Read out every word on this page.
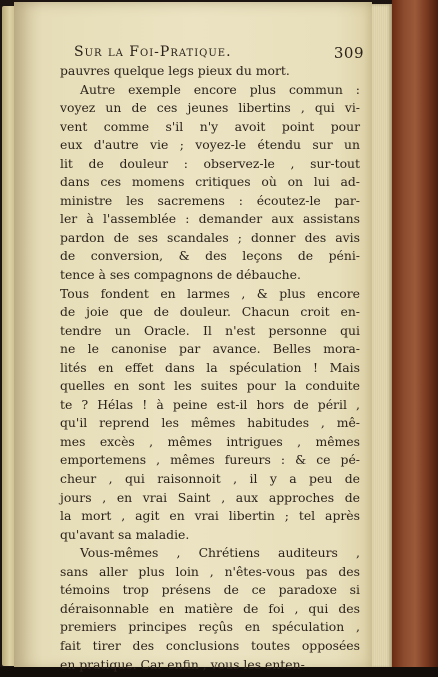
Sur la Foi-Pratique.	309
pauvres quelque legs pieux du mort.
Autre exemple encore plus commun :
voyez un de ces jeunes libertins , qui vi-
vent comme s'il n'y avoit point pour
eux d'autre vie ; voyez-le étendu sur un
lit de douleur : observez-le , sur-tout
dans ces momens critiques où on lui ad-
ministre les sacremens : écoutez-le par-
ler à l'assemblée : demander aux assistans
pardon de ses scandales ; donner des avis
de conversion, & des leçons de péni-
tence à ses compagnons de débauche.
Tous fondent en larmes , & plus encore
de joie que de douleur. Chacun croit en-
tendre un Oracle. Il n'est personne qui
ne le canonise par avance. Belles mora-
lités en effet dans la spéculation ! Mais
quelles en sont les suites pour la conduite
te ? Hélas ! à peine est-il hors de péril ,
qu'il reprend les mêmes habitudes , mê-
mes excès , mêmes intrigues , mêmes
emportemens , mêmes fureurs : & ce pé-
cheur , qui raisonnoit , il y a peu de
jours , en vrai Saint , aux approches de
la mort , agit en vrai libertin ; tel après
qu'avant sa maladie.
Vous-mêmes , Chrétiens auditeurs ,
sans aller plus loin , n'êtes-vous pas des
témoins trop présens de ce paradoxe si
déraisonnable en matière de foi , qui des
premiers principes reçûs en spéculation ,
fait tirer des conclusions toutes opposées
en pratique. Car enfin , vous les enten-
